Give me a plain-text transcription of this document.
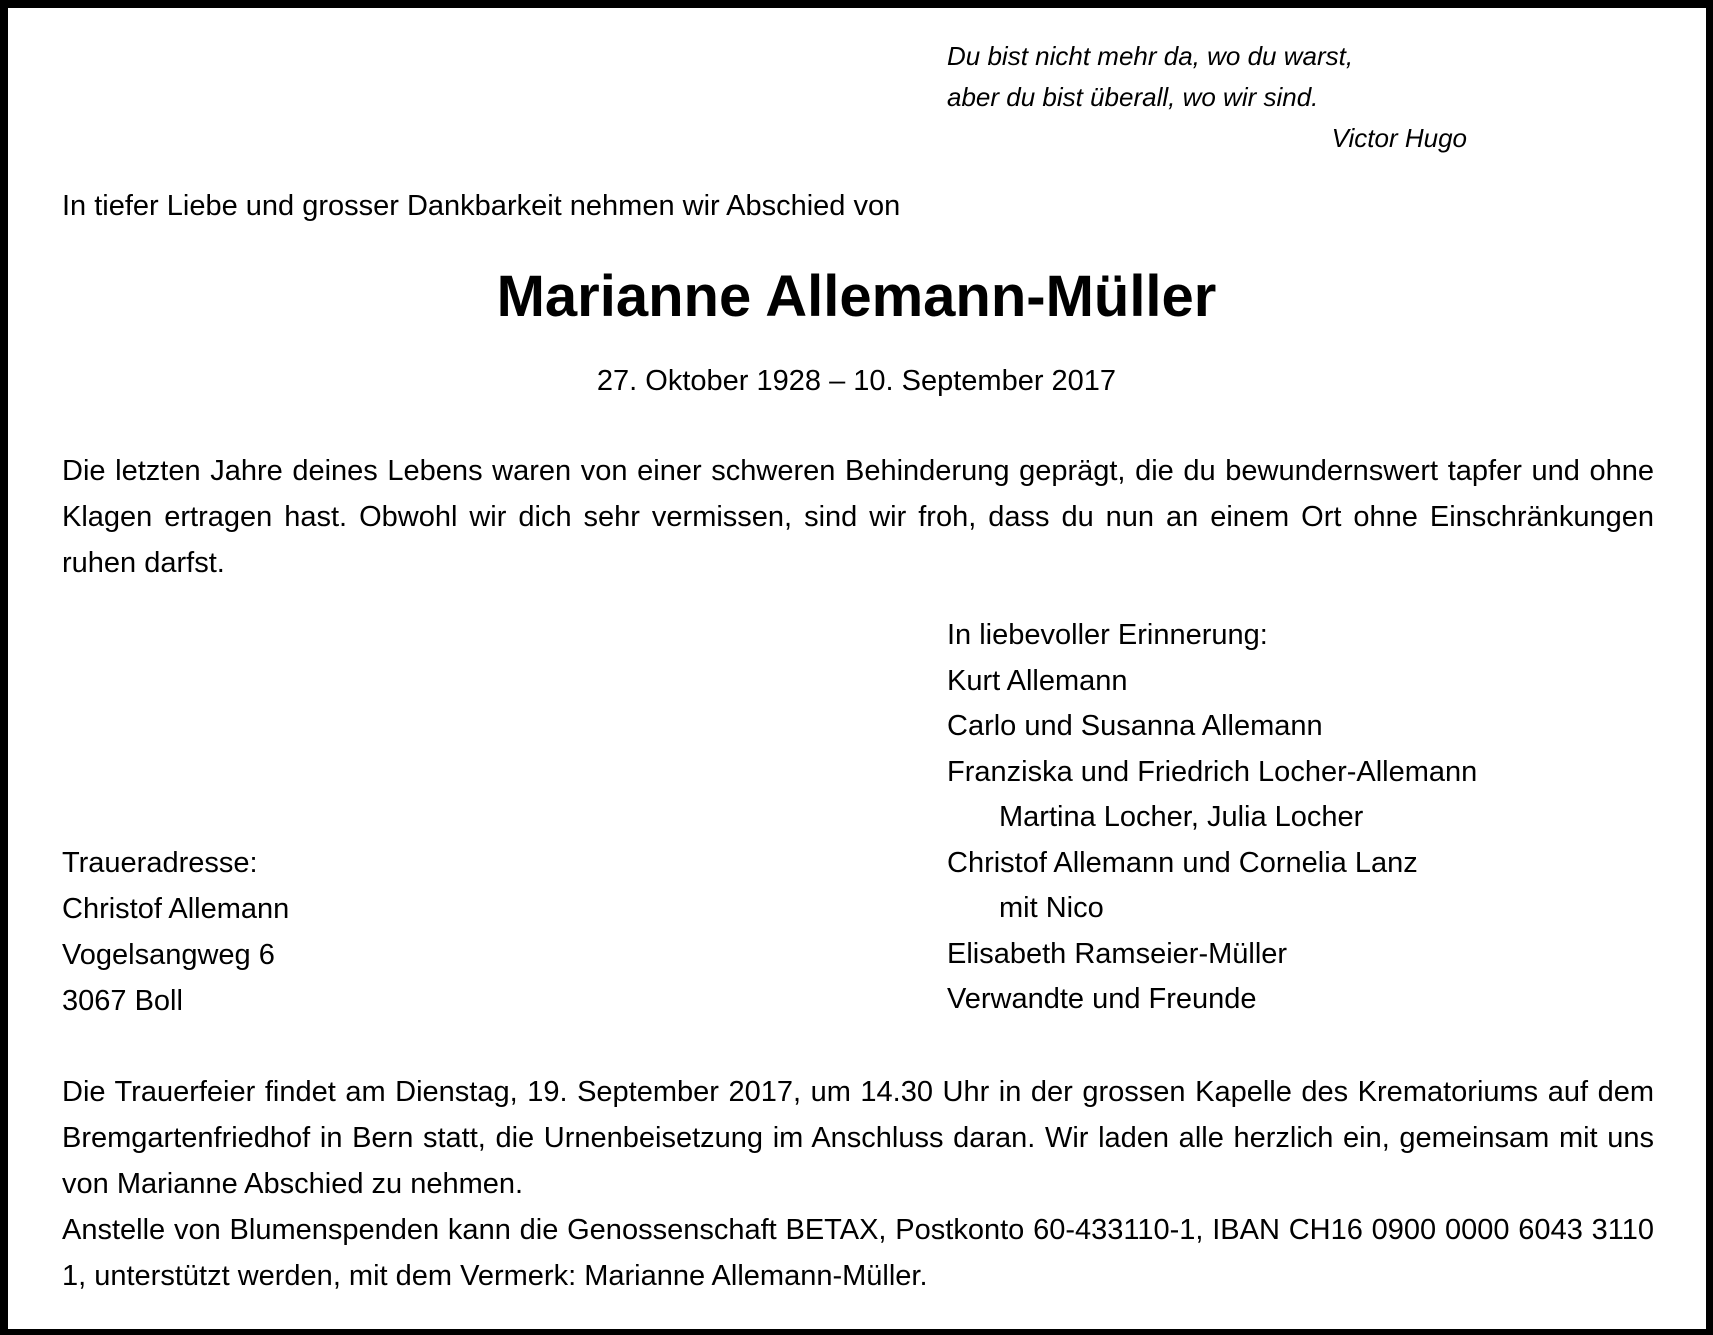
Du bist nicht mehr da, wo du warst,
aber du bist überall, wo wir sind.
Victor Hugo
In tiefer Liebe und grosser Dankbarkeit nehmen wir Abschied von
Marianne Allemann-Müller
27. Oktober 1928 – 10. September 2017
Die letzten Jahre deines Lebens waren von einer schweren Behinderung geprägt, die du bewundernswert tapfer und ohne Klagen ertragen hast. Obwohl wir dich sehr vermissen, sind wir froh, dass du nun an einem Ort ohne Einschränkungen ruhen darfst.
In liebevoller Erinnerung:
Kurt Allemann
Carlo und Susanna Allemann
Franziska und Friedrich Locher-Allemann
Martina Locher, Julia Locher
Christof Allemann und Cornelia Lanz
mit Nico
Elisabeth Ramseier-Müller
Verwandte und Freunde
Traueradresse:
Christof Allemann
Vogelsangweg 6
3067 Boll
Die Trauerfeier findet am Dienstag, 19. September 2017, um 14.30 Uhr in der grossen Kapelle des Krematoriums auf dem Bremgartenfriedhof in Bern statt, die Urnenbeisetzung im Anschluss daran. Wir laden alle herzlich ein, gemeinsam mit uns von Marianne Abschied zu nehmen.
Anstelle von Blumenspenden kann die Genossenschaft BETAX, Postkonto 60-433110-1, IBAN CH16 0900 0000 6043 3110 1, unterstützt werden, mit dem Vermerk: Marianne Allemann-Müller.
